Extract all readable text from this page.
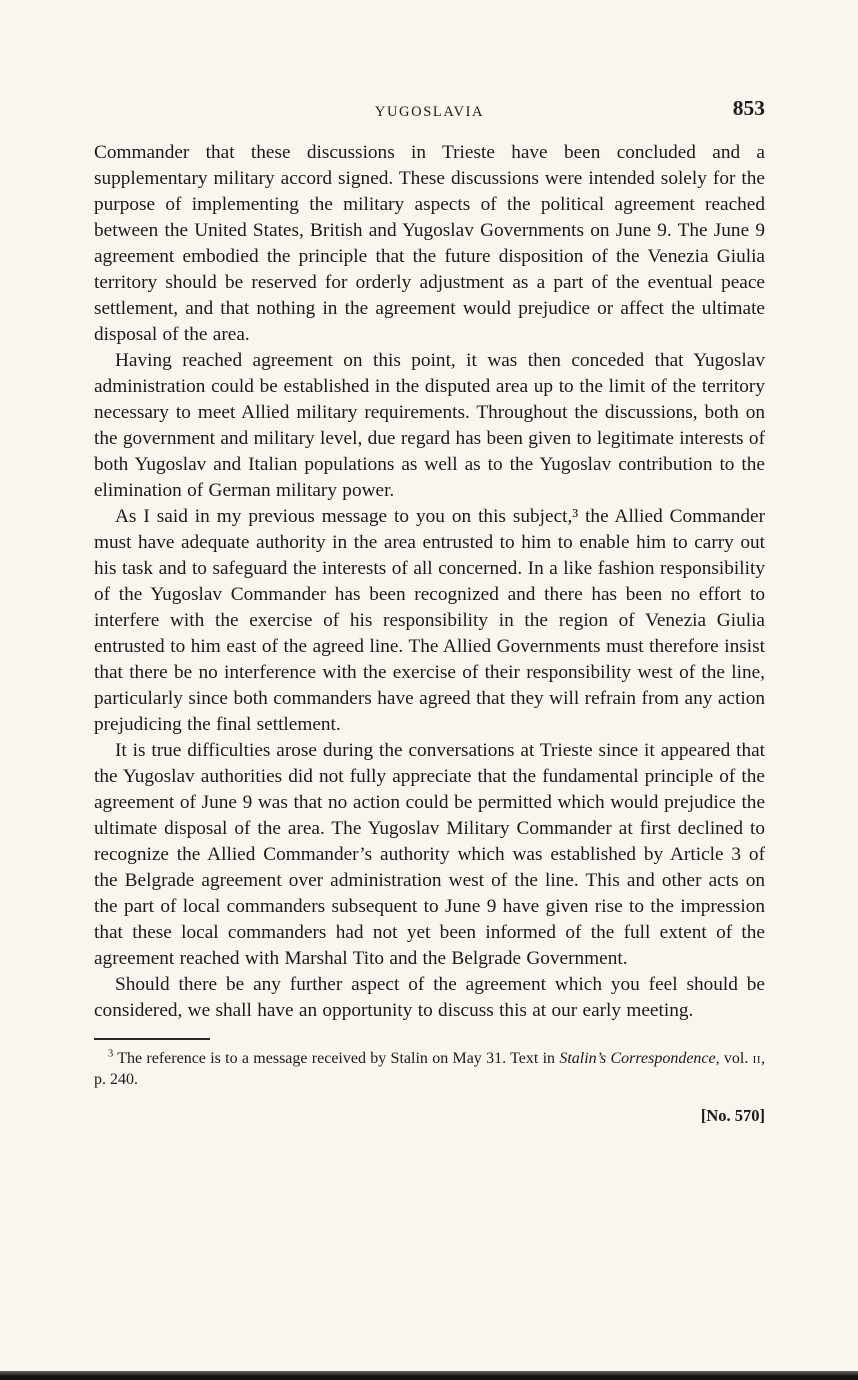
YUGOSLAVIA	853

Commander that these discussions in Trieste have been concluded and a supplementary military accord signed. These discussions were intended solely for the purpose of implementing the military aspects of the political agreement reached between the United States, British and Yugoslav Governments on June 9. The June 9 agreement embodied the principle that the future disposition of the Venezia Giulia territory should be reserved for orderly adjustment as a part of the eventual peace settlement, and that nothing in the agreement would prejudice or affect the ultimate disposal of the area.

Having reached agreement on this point, it was then conceded that Yugoslav administration could be established in the disputed area up to the limit of the territory necessary to meet Allied military requirements. Throughout the discussions, both on the government and military level, due regard has been given to legitimate interests of both Yugoslav and Italian populations as well as to the Yugoslav contribution to the elimination of German military power.

As I said in my previous message to you on this subject,³ the Allied Commander must have adequate authority in the area entrusted to him to enable him to carry out his task and to safeguard the interests of all concerned. In a like fashion responsibility of the Yugoslav Commander has been recognized and there has been no effort to interfere with the exercise of his responsibility in the region of Venezia Giulia entrusted to him east of the agreed line. The Allied Governments must therefore insist that there be no interference with the exercise of their responsibility west of the line, particularly since both commanders have agreed that they will refrain from any action prejudicing the final settlement.

It is true difficulties arose during the conversations at Trieste since it appeared that the Yugoslav authorities did not fully appreciate that the fundamental principle of the agreement of June 9 was that no action could be permitted which would prejudice the ultimate disposal of the area. The Yugoslav Military Commander at first declined to recognize the Allied Commander’s authority which was established by Article 3 of the Belgrade agreement over administration west of the line. This and other acts on the part of local commanders subsequent to June 9 have given rise to the impression that these local commanders had not yet been informed of the full extent of the agreement reached with Marshal Tito and the Belgrade Government.

Should there be any further aspect of the agreement which you feel should be considered, we shall have an opportunity to discuss this at our early meeting.

$^3$ The reference is to a message received by Stalin on May 31. Text in Stalin’s Correspondence, vol. ii, p. 240.

[No. 570]
